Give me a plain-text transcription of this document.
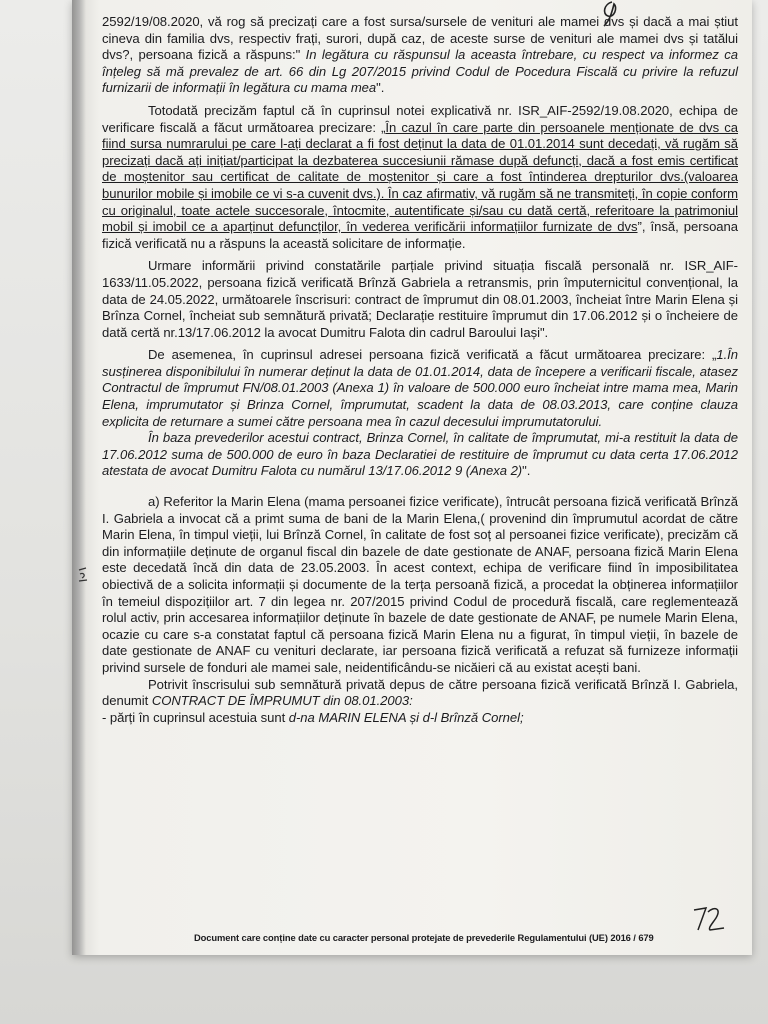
2592/19/08.2020, vă rog să precizați care a fost sursa/sursele de venituri ale mamei dvs și dacă a mai știut cineva din familia dvs, respectiv frați, surori, după caz, de aceste surse de venituri ale mamei dvs și tatălui dvs?, persoana fizică a răspuns:" In legătura cu răspunsul la aceasta întrebare, cu respect va informez ca înțeleg să mă prevalez de art. 66 din Lg 207/2015 privind Codul de Pocedura Fiscală cu privire la refuzul furnizarii de informații în legătura cu mama mea".

Totodată precizăm faptul că în cuprinsul notei explicativă nr. ISR_AIF-2592/19.08.2020, echipa de verificare fiscală a făcut următoarea precizare: „În cazul în care parte din persoanele menționate de dvs ca fiind sursa numrarului pe care l-ați declarat a fi fost deținut la data de 01.01.2014 sunt decedați, vă rugăm să precizați dacă ați inițiat/participat la dezbaterea succesiunii rămase după defuncți, dacă a fost emis certificat de moștenitor sau certificat de calitate de moștenitor și care a fost întinderea drepturilor dvs.(valoarea bunurilor mobile și imobile ce vi s-a cuvenit dvs.). În caz afirmativ, vă rugăm să ne transmiteți, în copie conform cu originalul, toate actele succesorale, întocmite, autentificate și/sau cu dată certă, referitoare la patrimoniul mobil și imobil ce a aparținut defuncților, în vederea verificării informațiilor furnizate de dvs”, însă, persoana fizică verificată nu a răspuns la această solicitare de informație.

Urmare informării privind constatările parțiale privind situația fiscală personală nr. ISR_AIF-1633/11.05.2022, persoana fizică verificată Brînză Gabriela a retransmis, prin împuternicitul convențional, la data de 24.05.2022, următoarele înscrisuri: contract de împrumut din 08.01.2003, încheiat între Marin Elena și Brînza Cornel, încheiat sub semnătură privată; Declarație restituire împrumut din 17.06.2012 și o încheiere de dată certă nr.13/17.06.2012 la avocat Dumitru Falota din cadrul Baroului Iași".

De asemenea, în cuprinsul adresei persoana fizică verificată a făcut următoarea precizare: „1.În susținerea disponibilului în numerar deținut la data de 01.01.2014, data de începere a verificarii fiscale, atasez Contractul de împrumut FN/08.01.2003 (Anexa 1) în valoare de 500.000 euro încheiat intre mama mea, Marin Elena, imprumutator și Brinza Cornel, împrumutat, scadent la data de 08.03.2013, care conține clauza explicita de returnare a sumei către persoana mea în cazul decesului imprumutatorului.

În baza prevederilor acestui contract, Brinza Cornel, în calitate de împrumutat, mi-a restituit la data de 17.06.2012 suma de 500.000 de euro în baza Declaratiei de restituire de împrumut cu data certa 17.06.2012 atestata de avocat Dumitru Falota cu numărul 13/17.06.2012 9 (Anexa 2)".

a) Referitor la Marin Elena (mama persoanei fizice verificate), întrucât persoana fizică verificată Brînză I. Gabriela a invocat că a primt suma de bani de la Marin Elena,( provenind din împrumutul acordat de către Marin Elena, în timpul vieții, lui Brînză Cornel, în calitate de fost soț al persoanei fizice verificate), precizăm că din informațiile deținute de organul fiscal din bazele de date gestionate de ANAF, persoana fizică Marin Elena este decedată încă din data de 23.05.2003. În acest context, echipa de verificare fiind în imposibilitatea obiectivă de a solicita informații și documente de la terța persoană fizică, a procedat la obținerea informațiilor în temeiul dispozițiilor art. 7 din legea nr. 207/2015 privind Codul de procedură fiscală, care reglementează rolul activ, prin accesarea informațiilor deținute în bazele de date gestionate de ANAF, pe numele Marin Elena, ocazie cu care s-a constatat faptul că persoana fizică Marin Elena nu a figurat, în timpul vieții, în bazele de date gestionate de ANAF cu venituri declarate, iar persoana fizică verificată a refuzat să furnizeze informații privind sursele de fonduri ale mamei sale, neidentificându-se nicăieri că au existat acești bani.

Potrivit înscrisului sub semnătură privată depus de către persoana fizică verificată Brînză I. Gabriela, denumit CONTRACT DE ÎMPRUMUT din 08.01.2003:

- părți în cuprinsul acestuia sunt d-na MARIN ELENA și d-l Brînză Cornel;

Document care conține date cu caracter personal protejate de prevederile Regulamentului (UE) 2016 / 679
